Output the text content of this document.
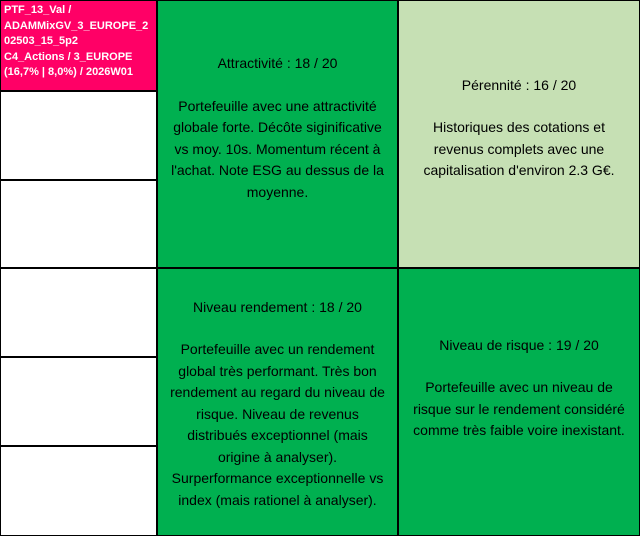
PTF_13_Val /
ADAMMixGV_3_EUROPE_2
02503_15_5p2
C4_Actions / 3_EUROPE
(16,7% | 8,0%) / 2026W01

Attractivité : 18 / 20

Portefeuille avec une attractivité globale forte. Décôte siginificative vs moy. 10s. Momentum récent à l'achat. Note ESG au dessus de la moyenne.

Pérennité : 16 / 20

Historiques des cotations et revenus complets avec une capitalisation d'environ 2.3 G€.

Niveau rendement : 18 / 20

Portefeuille avec un rendement global très performant. Très bon rendement au regard du niveau de risque. Niveau de revenus distribués exceptionnel (mais origine à analyser). Surperformance exceptionnelle vs index (mais rationel à analyser).

Niveau de risque : 19 / 20

Portefeuille avec un niveau de risque sur le rendement considéré comme très faible voire inexistant.
